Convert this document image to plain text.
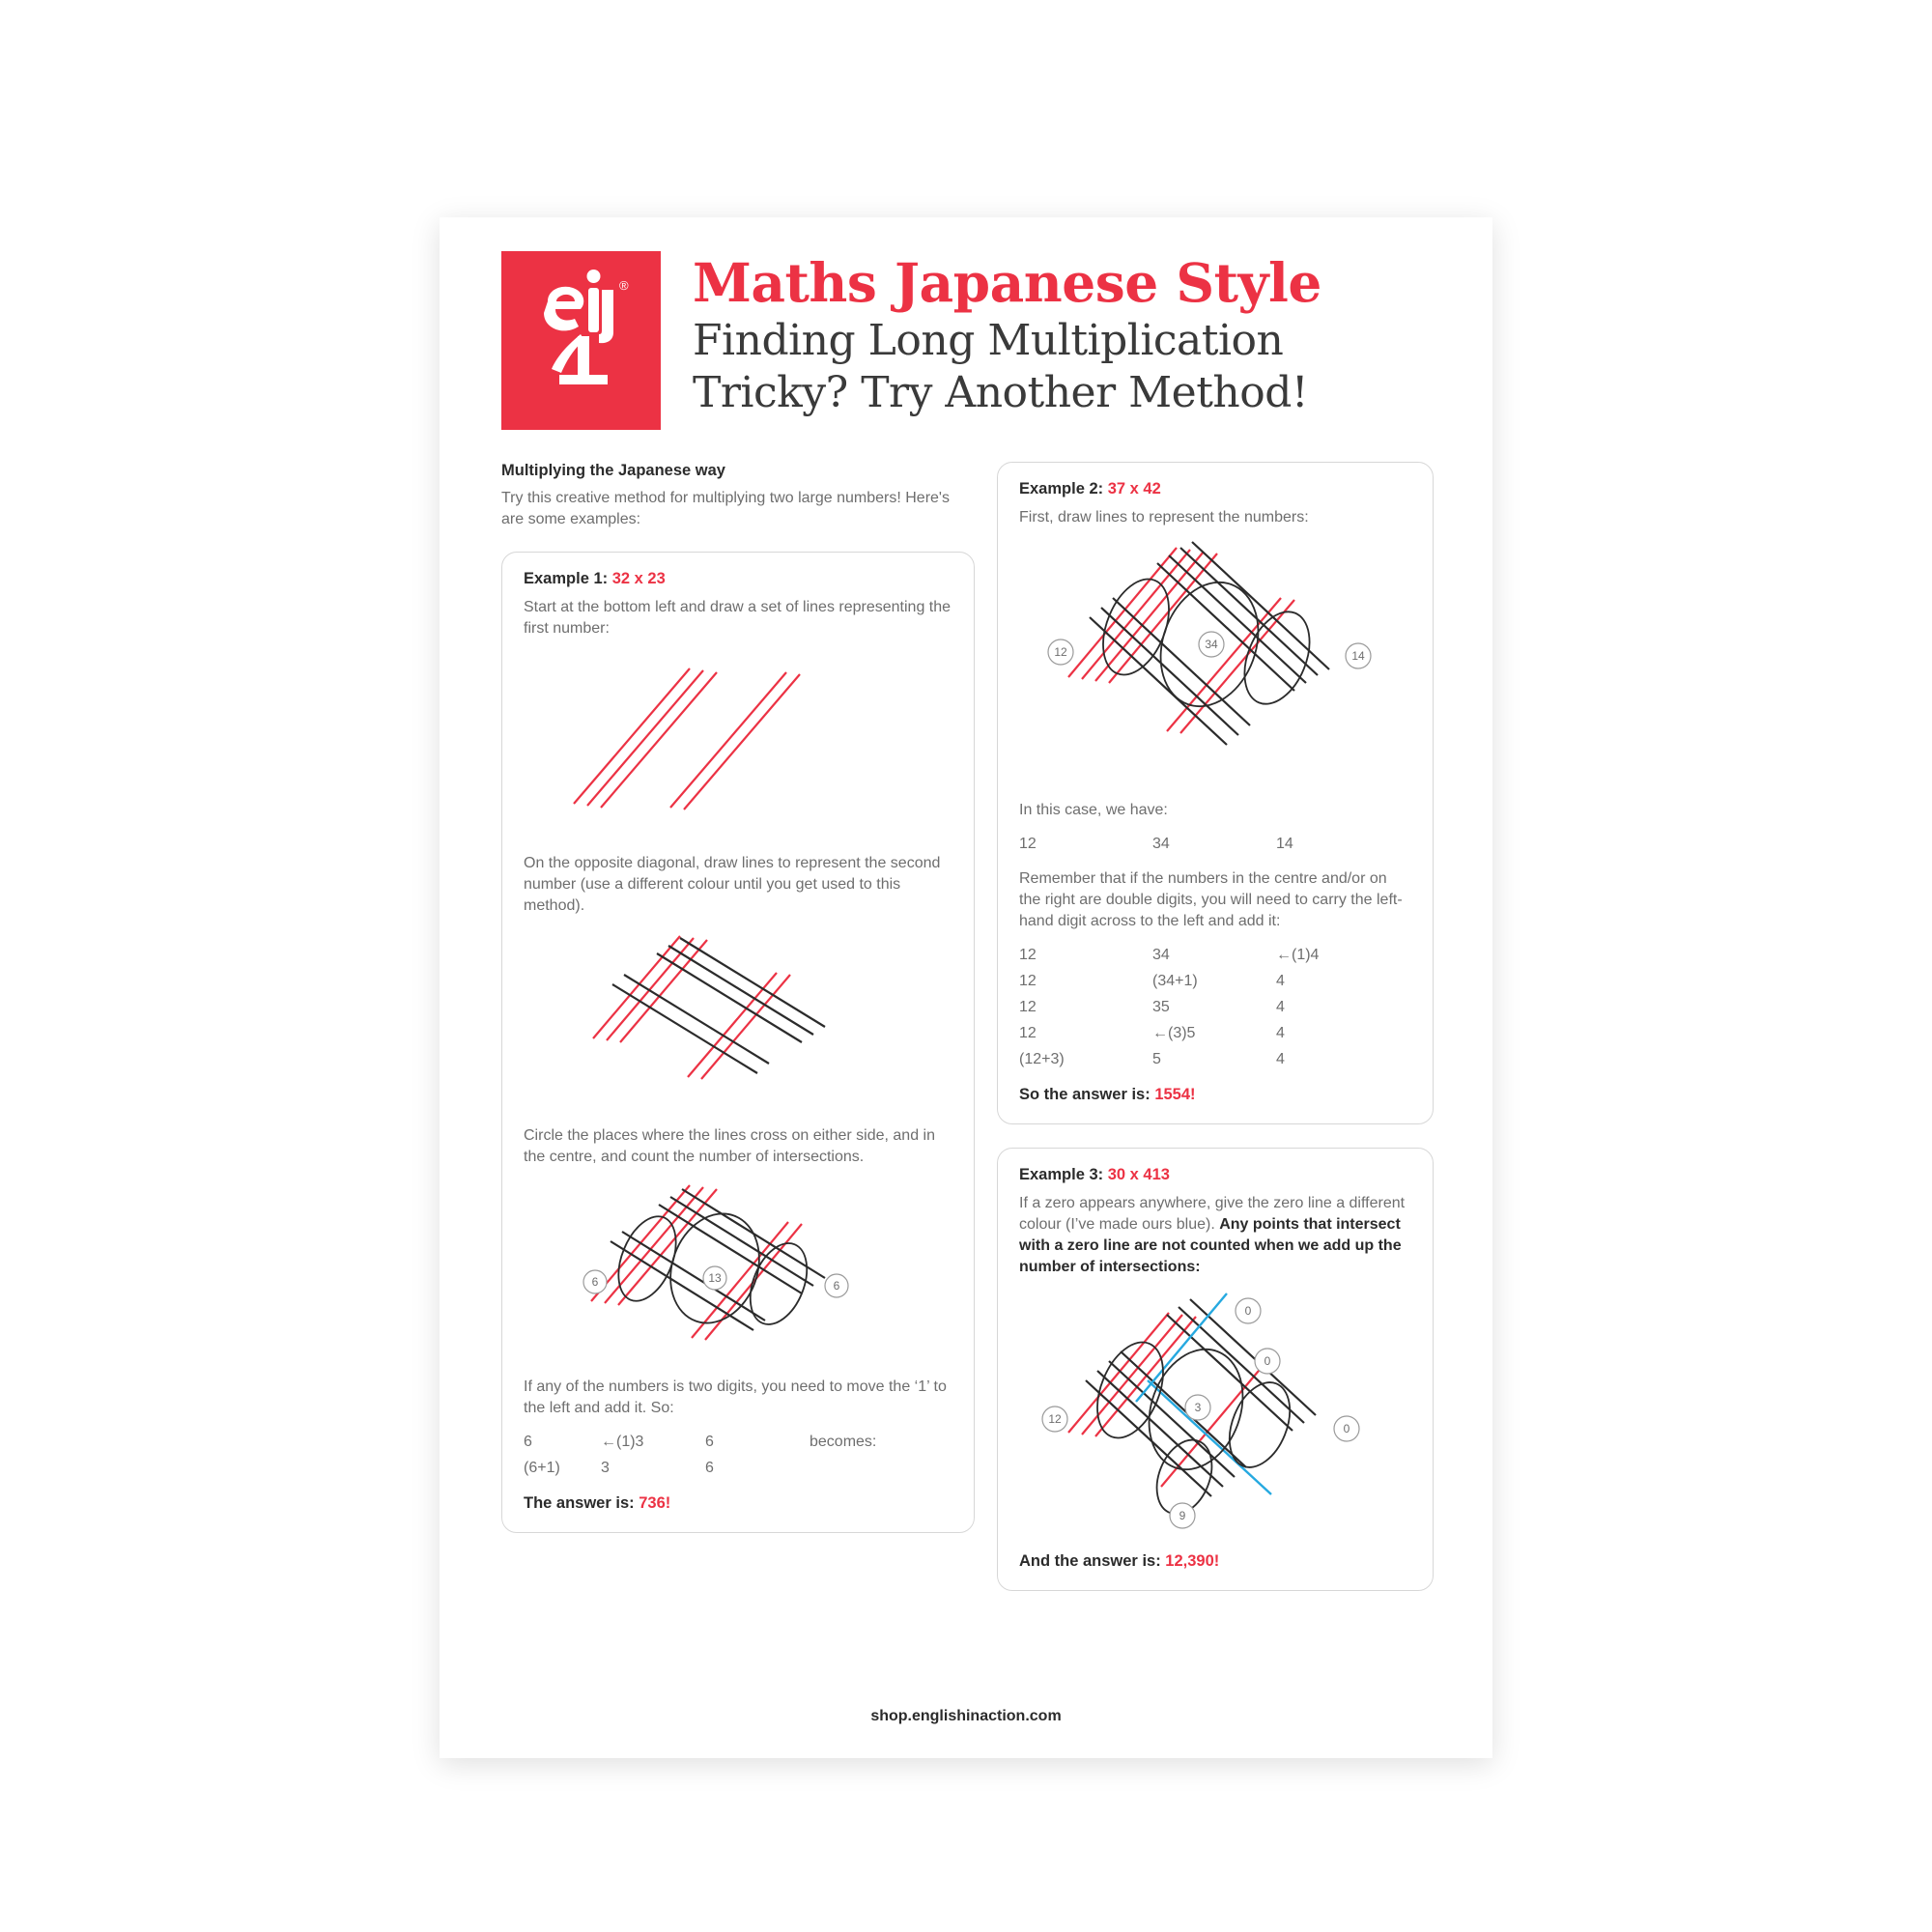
® Maths Japanese Style
Finding Long Multiplication
Tricky? Try Another Method!
Multiplying the Japanese way

Try this creative method for multiplying two large numbers! Here's are some examples:

Example 1: 32 x 23

Start at the bottom left and draw a set of lines representing the first number:

On the opposite diagonal, draw lines to represent the second number (use a different colour until you get used to this method).

Circle the places where the lines cross on either side, and in the centre, and count the number of intersections.

6	13
6

If any of the numbers is two digits, you need to move the ‘1’ to the left and add it. So:

6	←(1)3	6	becomes:
(6+1)	3	6
The answer is: 736!
Example 2: 37 x 42

First, draw lines to represent the numbers:

12
34
14

In this case, we have:

12	34	14

Remember that if the numbers in the centre and/or on the right are double digits, you will need to carry the left-hand digit across to the left and add it:

12	34	←(1)4
12	(34+1)	4
12	35	4
12	←(3)5	4
(12+3)	5	4
So the answer is: 1554!
Example 3: 30 x 413

If a zero appears anywhere, give the zero line a different colour (I’ve made ours blue). Any points that intersect with a zero line are not counted when we add up the number of intersections:

12
0
0
3
0
9
And the answer is: 12,390!
shop.englishinaction.com
